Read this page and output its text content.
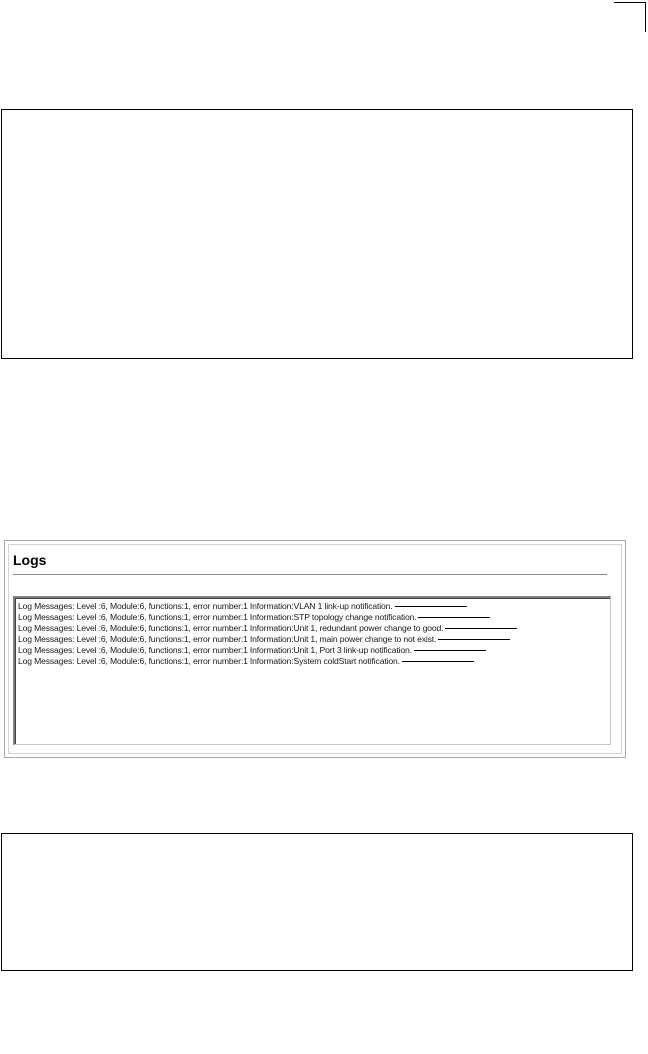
Logs
Log Messages: Level :6, Module:6, functions:1, error number:1 Information:VLAN 1 link-up notification.
Log Messages: Level :6, Module:6, functions:1, error number:1 Information:STP topology change notification.
Log Messages: Level :6, Module:6, functions:1, error number:1 Information:Unit 1, redundant power change to good.
Log Messages: Level :6, Module:6, functions:1, error number:1 Information:Unit 1, main power change to not exist.
Log Messages: Level :6, Module:6, functions:1, error number:1 Information:Unit 1, Port 3 link-up notification.
Log Messages: Level :6, Module:6, functions:1, error number:1 Information:System coldStart notification.
